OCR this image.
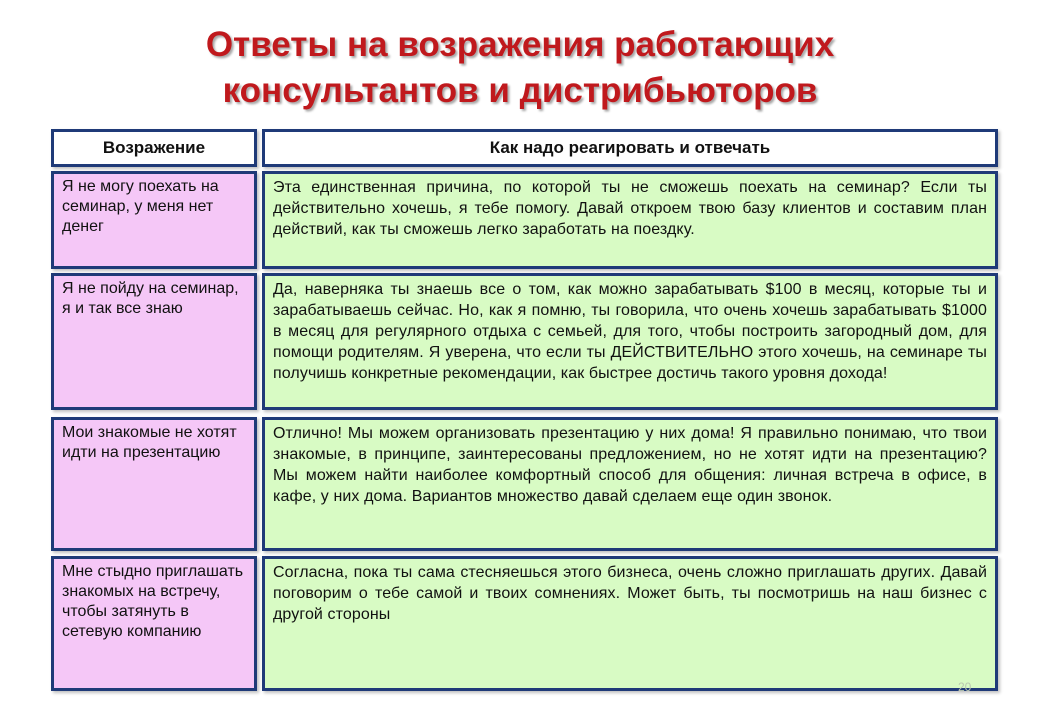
Ответы на возражения работающих
консультантов и дистрибьюторов
Возражение	Как надо реагировать и отвечать
Я не могу поехать на семинар, у меня нет денег
Эта единственная причина, по которой ты не сможешь поехать на семинар? Если ты действительно хочешь, я тебе помогу. Давай откроем твою базу клиентов и составим план действий, как ты сможешь легко заработать на поездку.
Я не пойду на семинар, я и так все знаю
Да, наверняка ты знаешь все о том, как можно зарабатывать $100 в месяц, которые ты и зарабатываешь сейчас. Но, как я помню, ты говорила, что очень хочешь зарабатывать $1000 в месяц для регулярного отдыха с семьей, для того, чтобы построить загородный дом, для помощи родителям. Я уверена, что если ты ДЕЙСТВИТЕЛЬНО этого хочешь, на семинаре ты получишь конкретные рекомендации, как быстрее достичь такого уровня дохода!
Мои знакомые не хотят идти на презентацию
Отлично! Мы можем организовать презентацию у них дома! Я правильно понимаю, что твои знакомые, в принципе, заинтересованы предложением, но не хотят идти на презентацию? Мы можем найти наиболее комфортный способ для общения: личная встреча в офисе, в кафе, у них дома. Вариантов множество давай сделаем еще один звонок.
Мне стыдно приглашать знакомых на встречу, чтобы затянуть в сетевую компанию
Согласна, пока ты сама стесняешься этого бизнеса, очень сложно приглашать других. Давай поговорим о тебе самой и твоих сомнениях. Может быть, ты посмотришь на наш бизнес с другой стороны
20
